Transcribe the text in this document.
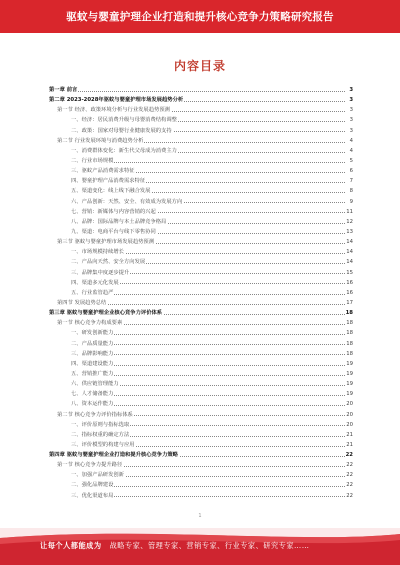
驱蚊与婴童护理企业打造和提升核心竞争力策略研究报告
内容目录
第一章 前言	3
第二章 2023-2028年驱蚊与婴童护理市场发展趋势分析	3
第一节 经济、政策环境分析与行业发展趋势预测	3
一、经济：居民消费升级与母婴消费结构调整	3
二、政策：国家对母婴行业健康发展的支持	3
第二节 行业发展环境与消费趋势分析	4
一、消费群体变化：新生代父母成为消费主力	4
二、行业市场规模	5
三、驱蚊产品消费需求特征	6
四、婴童护理产品消费需求特征	7
五、渠道变化：线上线下融合发展	8
六、产品创新：天然、安全、有效成为发展方向	9
七、营销：新媒体与内容营销的兴起	11
八、品牌：国际品牌与本土品牌竞争格局	12
九、渠道：电商平台与线下零售协同	13
第三节 驱蚊与婴童护理市场发展趋势预测	14
一、市场规模持续增长	14
二、产品向天然、安全方向发展	14
三、品牌集中度逐步提升	15
四、渠道多元化发展	16
五、行业监管趋严	16
第四节 发展趋势总结	17
第三章 驱蚊与婴童护理企业核心竞争力评价体系	18
第一节 核心竞争力构成要素	18
一、研发创新能力	18
二、产品质量能力	18
三、品牌影响能力	18
四、渠道建设能力	19
五、营销推广能力	19
六、供应链管理能力	19
七、人才储备能力	19
八、资本运作能力	20
第二节 核心竞争力评价指标体系	20
一、评价原则与指标选取	20
二、指标权重的确定方法	21
三、评价模型的构建与应用	21
第四章 驱蚊与婴童护理企业打造和提升核心竞争力策略	22
第一节 核心竞争力提升路径	22
一、加强产品研发创新	22
二、强化品牌建设	22
三、优化渠道布局	22
1
让每个人都能成为 战略专家、管理专家、营销专家、行业专家、研究专家……
